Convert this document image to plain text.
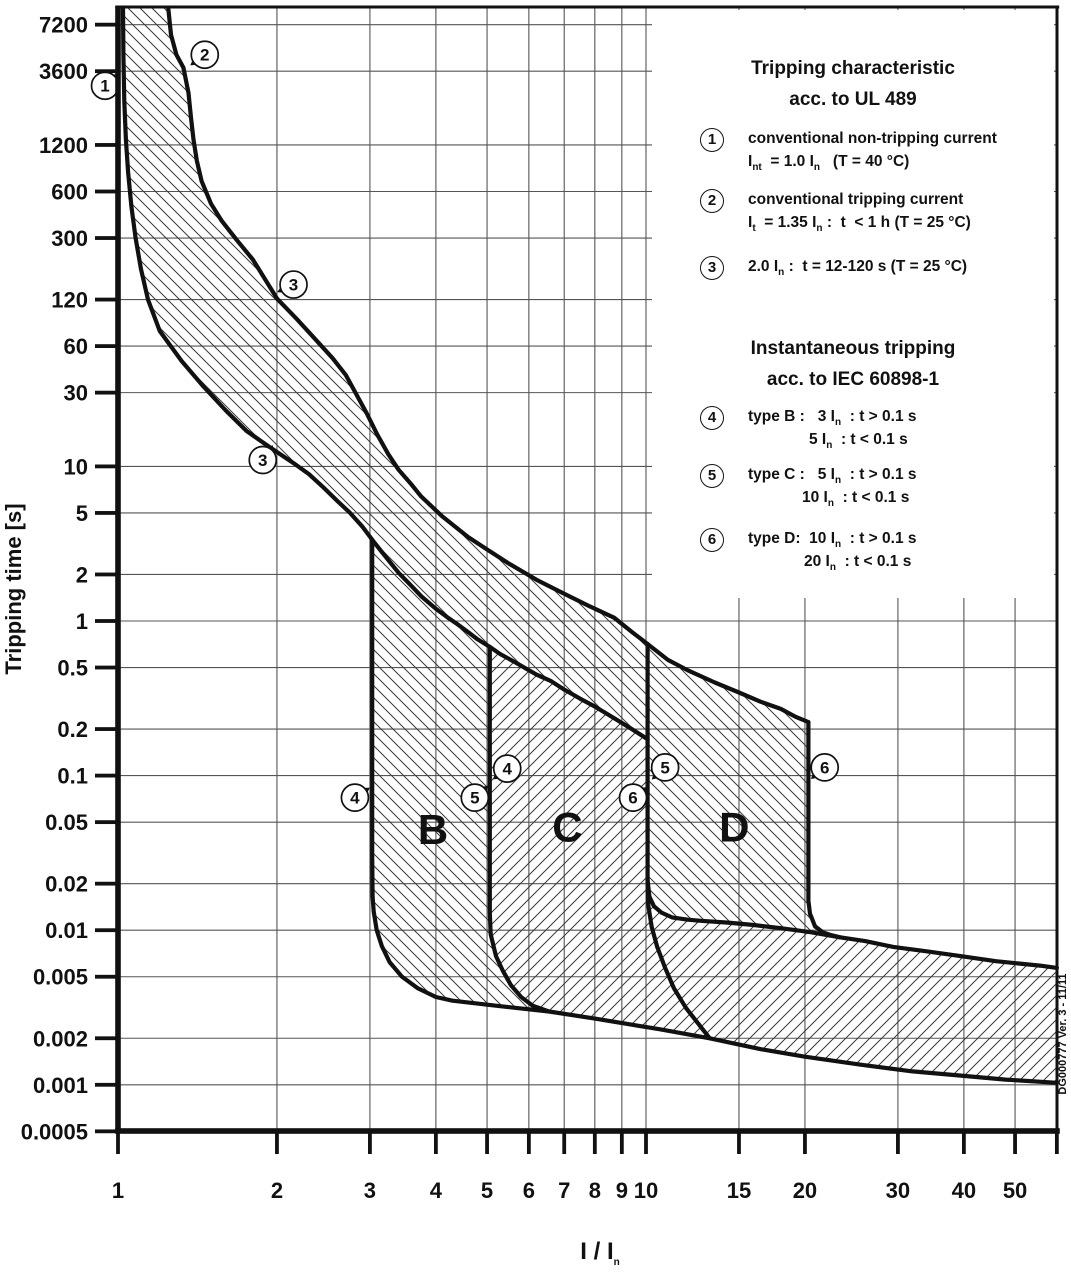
B C	D
1
2
3
3
4
4
5
5
6
6
7200
3600
1200
600
300
120
60
30
10
5
2
1
0.5
0.2
0.1
0.05
0.02
0.01
0.005
0.002
0.001
0.0005
1	2	3 4 5 6 7 8 9 10	15 20	30 40 50
Tripping characteristic
acc. to UL 489
Instantaneous tripping
acc. to IEC 60898-1
1	conventional non-tripping current
$I_{nt} = 1.0$ $I_n$   (T = 40 °C)
2	conventional tripping current
$I_t = 1.35$ $I_n$ :  t  < 1 h (T = 25 °C)
3	2.0 $I_n$ :  t = 12-120 s (T = 25 °C)
4	type B :   3 $I_n$  : t > 0.1 s
5 $I_n$  : t < 0.1 s
5	type C :   5 $I_n$  : t > 0.1 s
10 $I_n$  : t < 0.1 s
6	type D:  10 $I_n$  : t > 0.1 s
20 $I_n$  : t < 0.1 s
Tripping time [s]
I / $I_n$
DG000777 Ver. 3 - 11/11
